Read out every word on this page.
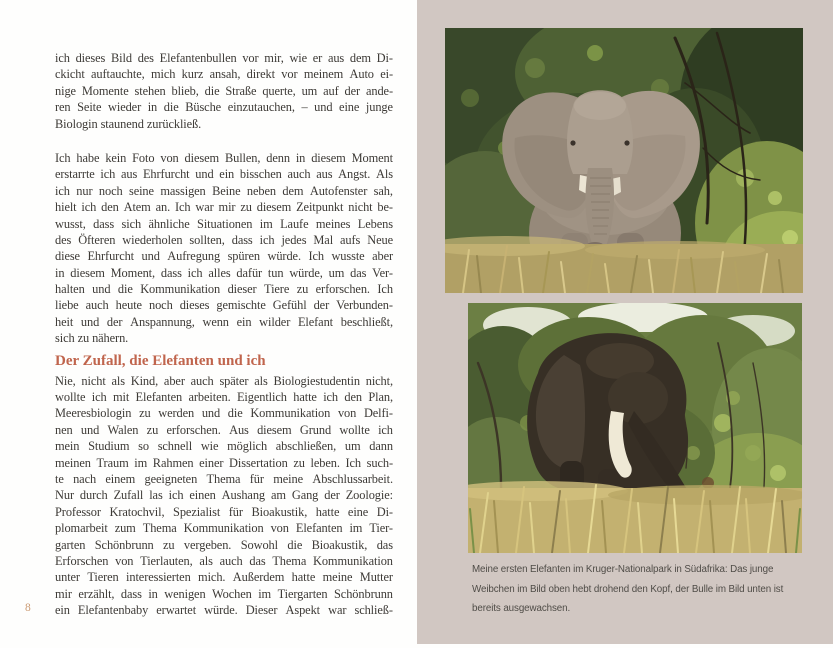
ich dieses Bild des Elefantenbullen vor mir, wie er aus dem Di-
ckicht auftauchte, mich kurz ansah, direkt vor meinem Auto ei-
nige Momente stehen blieb, die Straße querte, um auf der ande-
ren Seite wieder in die Büsche einzutauchen, – und eine junge
Biologin staunend zurückließ.
Ich habe kein Foto von diesem Bullen, denn in diesem Moment
erstarrte ich aus Ehrfurcht und ein bisschen auch aus Angst. Als
ich nur noch seine massigen Beine neben dem Autofenster sah,
hielt ich den Atem an. Ich war mir zu diesem Zeitpunkt nicht be-
wusst, dass sich ähnliche Situationen im Laufe meines Lebens
des Öfteren wiederholen sollten, dass ich jedes Mal aufs Neue
diese Ehrfurcht und Aufregung spüren würde. Ich wusste aber
in diesem Moment, dass ich alles dafür tun würde, um das Ver-
halten und die Kommunikation dieser Tiere zu erforschen. Ich
liebe auch heute noch dieses gemischte Gefühl der Verbunden-
heit und der Anspannung, wenn ein wilder Elefant beschließt,
sich zu nähern.
Der Zufall, die Elefanten und ich
Nie, nicht als Kind, aber auch später als Biologiestudentin nicht,
wollte ich mit Elefanten arbeiten. Eigentlich hatte ich den Plan,
Meeresbiologin zu werden und die Kommunikation von Delfi-
nen und Walen zu erforschen. Aus diesem Grund wollte ich
mein Studium so schnell wie möglich abschließen, um dann
meinen Traum im Rahmen einer Dissertation zu leben. Ich such-
te nach einem geeigneten Thema für meine Abschlussarbeit.
Nur durch Zufall las ich einen Aushang am Gang der Zoologie:
Professor Kratochvil, Spezialist für Bioakustik, hatte eine Di-
plomarbeit zum Thema Kommunikation von Elefanten im Tier-
garten Schönbrunn zu vergeben. Sowohl die Bioakustik, das
Erforschen von Tierlauten, als auch das Thema Kommunikation
unter Tieren interessierten mich. Außerdem hatte meine Mutter
mir erzählt, dass in wenigen Wochen im Tiergarten Schönbrunn
ein Elefantenbaby erwartet würde. Dieser Aspekt war schließ-
8
Meine ersten Elefanten im Kruger-Nationalpark in Südafrika: Das junge
Weibchen im Bild oben hebt drohend den Kopf, der Bulle im Bild unten ist
bereits ausgewachsen.
